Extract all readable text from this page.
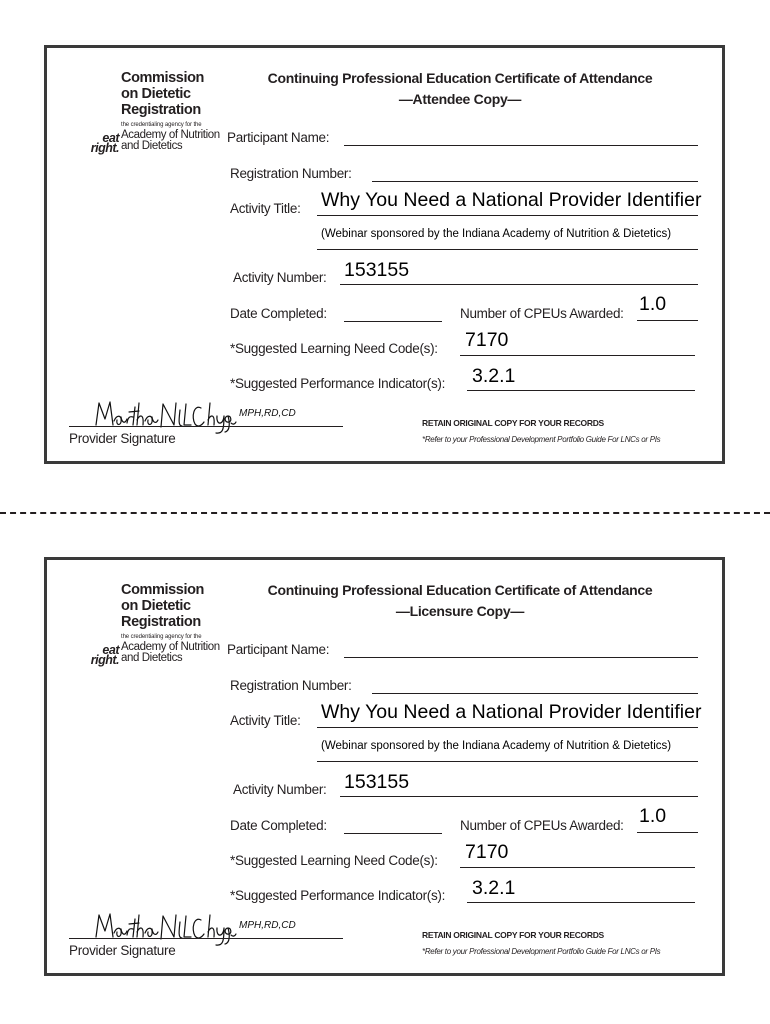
Commission
on Dietetic
Registration
the credentialing agency for the
eat
right.
Academy of Nutrition
and Dietetics
Continuing Professional Education Certificate of Attendance
—Attendee Copy—
Participant Name:
Registration Number:
Activity Title: Why You Need a National Provider Identifier
(Webinar sponsored by the Indiana Academy of Nutrition & Dietetics)
Activity Number: 153155
Date Completed:	Number of CPEUs Awarded: 1.0
*Suggested Learning Need Code(s): 7170
*Suggested Performance Indicator(s): 3.2.1
MPH,RD,CD
Provider Signature
RETAIN ORIGINAL COPY FOR YOUR RECORDS
*Refer to your Professional Development Portfolio Guide For LNCs or PIs
Commission
on Dietetic
Registration
the credentialing agency for the
eat
right.
Academy of Nutrition
and Dietetics
Continuing Professional Education Certificate of Attendance
—Licensure Copy—
Participant Name:
Registration Number:
Activity Title: Why You Need a National Provider Identifier
(Webinar sponsored by the Indiana Academy of Nutrition & Dietetics)
Activity Number: 153155
Date Completed:	Number of CPEUs Awarded: 1.0
*Suggested Learning Need Code(s): 7170
*Suggested Performance Indicator(s): 3.2.1
MPH,RD,CD
Provider Signature
RETAIN ORIGINAL COPY FOR YOUR RECORDS
*Refer to your Professional Development Portfolio Guide For LNCs or PIs
